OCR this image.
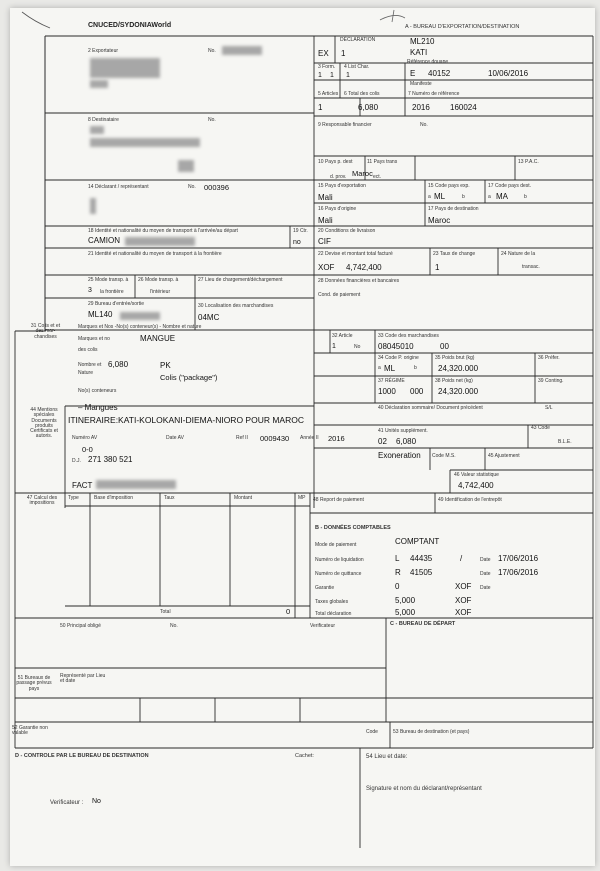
CNUCED/SYDONIAWorld	A - BUREAU D'EXPORTATION/DESTINATION
DÉCLARATION
EX 1
ML210
KATI
Référence douane
2 Exportateur	No.
3 Form. 4 List Char.
1 1 1	E 40152	10/06/2016
Manifeste
5 Articles 6 Total des colis	7 Numéro de référence
1	6,080	2016	160024
8 Destinataire	No.
9 Responsable financier	No.
10 Pays p. dest	11 Pays trans	13 P.A.C.
d. prov. Maroc ect.
14 Déclarant / représentant	No. 000396	15 Pays d'exportation	15 Code pays exp.	17 Code pays dest.
Mali	a ML	b	a MA	b
16 Pays d'origine	17 Pays de destination
Mali	Maroc
18 Identité et nationalité du moyen de transport à l'arrivée/au départ
CAMION
19 Ctr.
no
20 Conditions de livraison
CIF
21 Identité et nationalité du moyen de transport à la frontière	22 Devise et montant total facturé
XOF 4,742,400
23 Taux de change
1
24 Nature de la
transac.
25 Mode transp. à
3 la frontière
26 Mode transp. à
l'intérieur
27 Lieu de chargement/déchargement	28 Données financières et bancaires
Cond. de paiement
29 Bureau d'entrée/sortie
ML140
30 Localisation des marchandises
04MC
31 Colis et et des mar- chandises
Marques et Nos -No(s) conteneur(s) - Nombre et nature
Marques et no	MANGUE
des colis
Nombre et 6,080	PK
Nature	Colis ("package")
No(s) conteneurs
– Mangues
ITINERAIRE:KATI-KOLOKANI-DIEMA-NIORO POUR MAROC
32 Article
1	No
33 Code des marchandises
08045010	00
34 Code P. origine
a ML	b
35 Poids brut (kg)
24,320.000
36 Préfer.
37 RÉGIME
1000 000
38 Poids net (kg)
24,320.000
39 Conting.
40 Déclaration sommaire/ Document précédent	S/L
41 Unités supplément.
02 6,080
43 Code
B.L.E.
44 Mentions spéciales Documents produits Certificats et autoris.	Numéro AV	Date AV	Ref II 0009430 Année II 2016
0-0
D.J. 271 380 521	Exoneration Code M.S.	45 Ajustement
FACT
46 Valeur statistique
4,742,400
47 Calcul des impositions
Type	Base d'imposition	Taux	Montant	MP 48 Report de paiement	49 Identification de l'entrepôt
Total	0
B - DONNÉES COMPTABLES
Mode de paiement	COMPTANT
Numéro de liquidation	L 44435	/	Date 17/06/2016
Numéro de quittance	R 41505	Date 17/06/2016
Garantie	0	XOF Date
Taxes globales	5,000	XOF
Total déclaration	5,000	XOF
50 Principal obligé	No.	Verificateur	C - BUREAU DE DÉPART
51 Bureaux de passage prévus pays
Représenté par Lieu et date
52 Garantie non valable	Code	53 Bureau de destination (et pays)
D - CONTROLE PAR LE BUREAU DE DESTINATION	Cachet:	54 Lieu et date:
Signature et nom du déclarant/représentant
Verificateur : No
